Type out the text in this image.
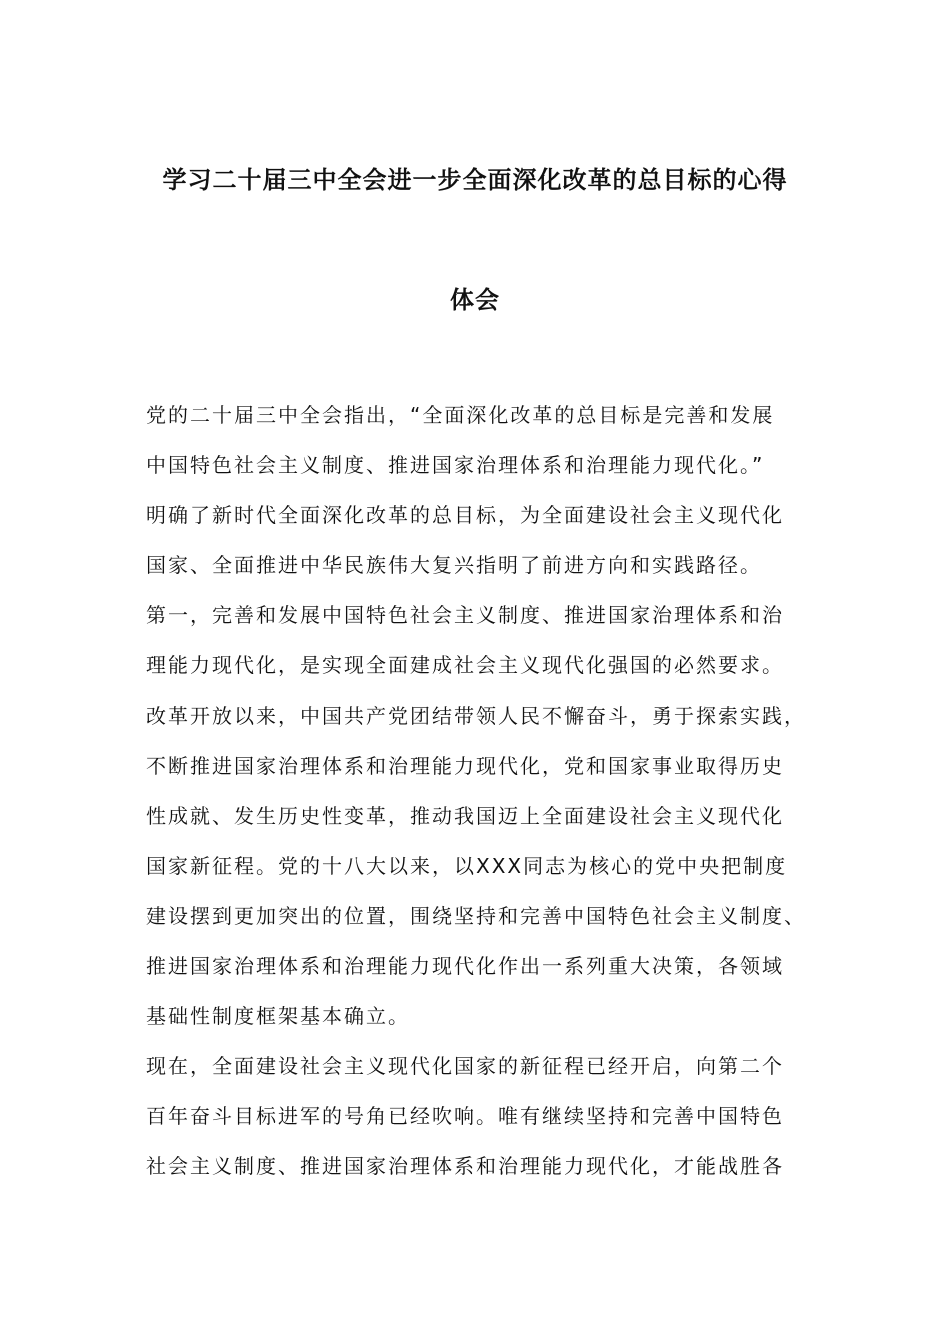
学习二十届三中全会进一步全面深化改革的总目标的心得
体会
党的二十届三中全会指出，“全面深化改革的总目标是完善和发展
中国特色社会主义制度、推进国家治理体系和治理能力现代化。”
明确了新时代全面深化改革的总目标，为全面建设社会主义现代化
国家、全面推进中华民族伟大复兴指明了前进方向和实践路径。
第一，完善和发展中国特色社会主义制度、推进国家治理体系和治
理能力现代化，是实现全面建成社会主义现代化强国的必然要求。
改革开放以来，中国共产党团结带领人民不懈奋斗，勇于探索实践，
不断推进国家治理体系和治理能力现代化，党和国家事业取得历史
性成就、发生历史性变革，推动我国迈上全面建设社会主义现代化
国家新征程。党的十八大以来，以XXX同志为核心的党中央把制度
建设摆到更加突出的位置，围绕坚持和完善中国特色社会主义制度、
推进国家治理体系和治理能力现代化作出一系列重大决策，各领域
基础性制度框架基本确立。
现在，全面建设社会主义现代化国家的新征程已经开启，向第二个
百年奋斗目标进军的号角已经吹响。唯有继续坚持和完善中国特色
社会主义制度、推进国家治理体系和治理能力现代化，才能战胜各
